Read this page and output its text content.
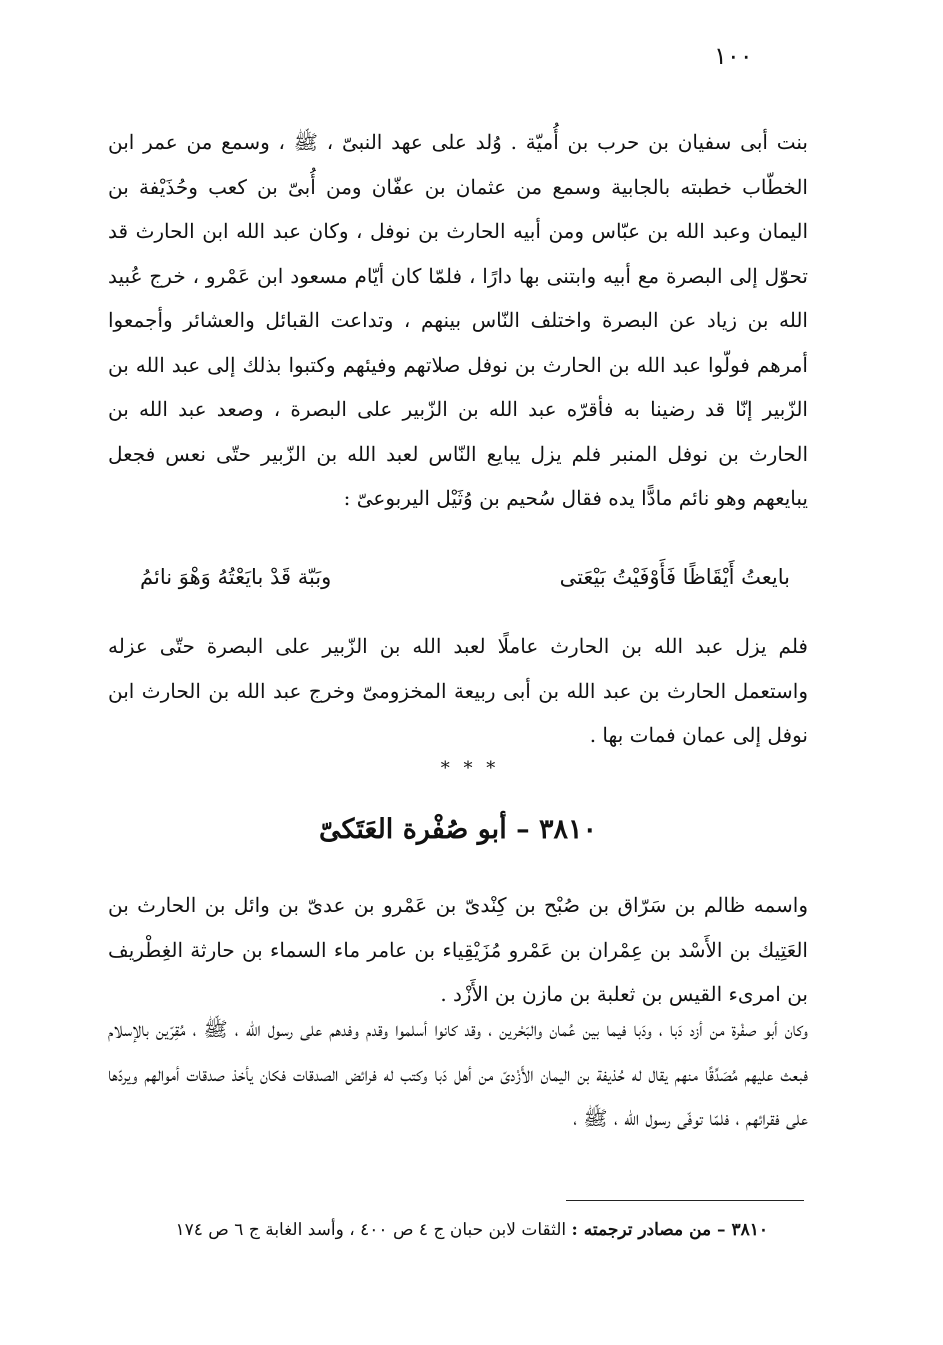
١٠٠

بنت أبى سفيان بن حرب بن أُميّة . وُلد على عهد النبىّ ، ﷺ ، وسمع من عمر ابن الخطّاب خطبته بالجابية وسمع من عثمان بن عفّان ومن أُبىّ بن كعب وحُذَيْفة بن اليمان وعبد الله بن عبّاس ومن أبيه الحارث بن نوفل ، وكان عبد الله ابن الحارث قد تحوّل إلى البصرة مع أبيه وابتنى بها دارًا ، فلمّا كان أيّام مسعود ابن عَمْرو ، خرج عُبيد الله بن زياد عن البصرة واختلف النّاس بينهم ، وتداعت القبائل والعشائر وأجمعوا أمرهم فولّوا عبد الله بن الحارث بن نوفل صلاتهم وفيئهم وكتبوا بذلك إلى عبد الله بن الزّبير إنّا قد رضينا به فأقرّه عبد الله بن الزّبير على البصرة ، وصعد عبد الله بن الحارث بن نوفل المنبر فلم يزل يبايع النّاس لعبد الله بن الزّبير حتّى نعس فجعل يبايعهم وهو نائم مادًّا يده فقال سُحيم بن وُثَيْل اليربوعىّ :

بايعتُ أَيْقَاظًا فَأَوْفَيْتُ بَيْعَتى
وبَبّة قَدْ بايَعْتُهُ وَهْوَ نائمُ

فلم يزل عبد الله بن الحارث عاملًا لعبد الله بن الزّبير على البصرة حتّى عزله واستعمل الحارث بن عبد الله بن أبى ربيعة المخزومىّ وخرج عبد الله بن الحارث ابن نوفل إلى عمان فمات بها .

* * *
٣٨١٠ – أبو صُفْرة العَتَكىّ

واسمه ظالم بن سَرّاق بن صُبْح بن كِنْدىّ بن عَمْرو بن عدىّ بن وائل بن الحارث بن العَتِيك بن الأَسْد بن عِمْران بن عَمْرو مُزَيْقِياء بن عامر ماء السماء بن حارثة الغِطْريف بن امرىء القيس بن ثعلبة بن مازن بن الأَزْد .

وكان أبو صفْرة من أزد دَبا ، ودَبا فيما بين عُمان والبَحْرين ، وقد كانوا أسلموا وقدم وفدهم على رسول الله ، ﷺ ، مُقِرّين بالإسلام فبعث عليهم مُصَدِّقًا منهم يقال له حُذيفة بن اليمان الأَزْدىّ من أهل دَبا وكتب له فرائض الصدقات فكان يأخذ صدقات أموالهم ويردّها على فقرائهم ، فلمّا توفّى رسول الله ، ﷺ ،

٣٨١٠ – من مصادر ترجمته : الثقات لابن حبان ج ٤ ص ٤٠٠ ، وأسد الغابة ج ٦ ص ١٧٤
